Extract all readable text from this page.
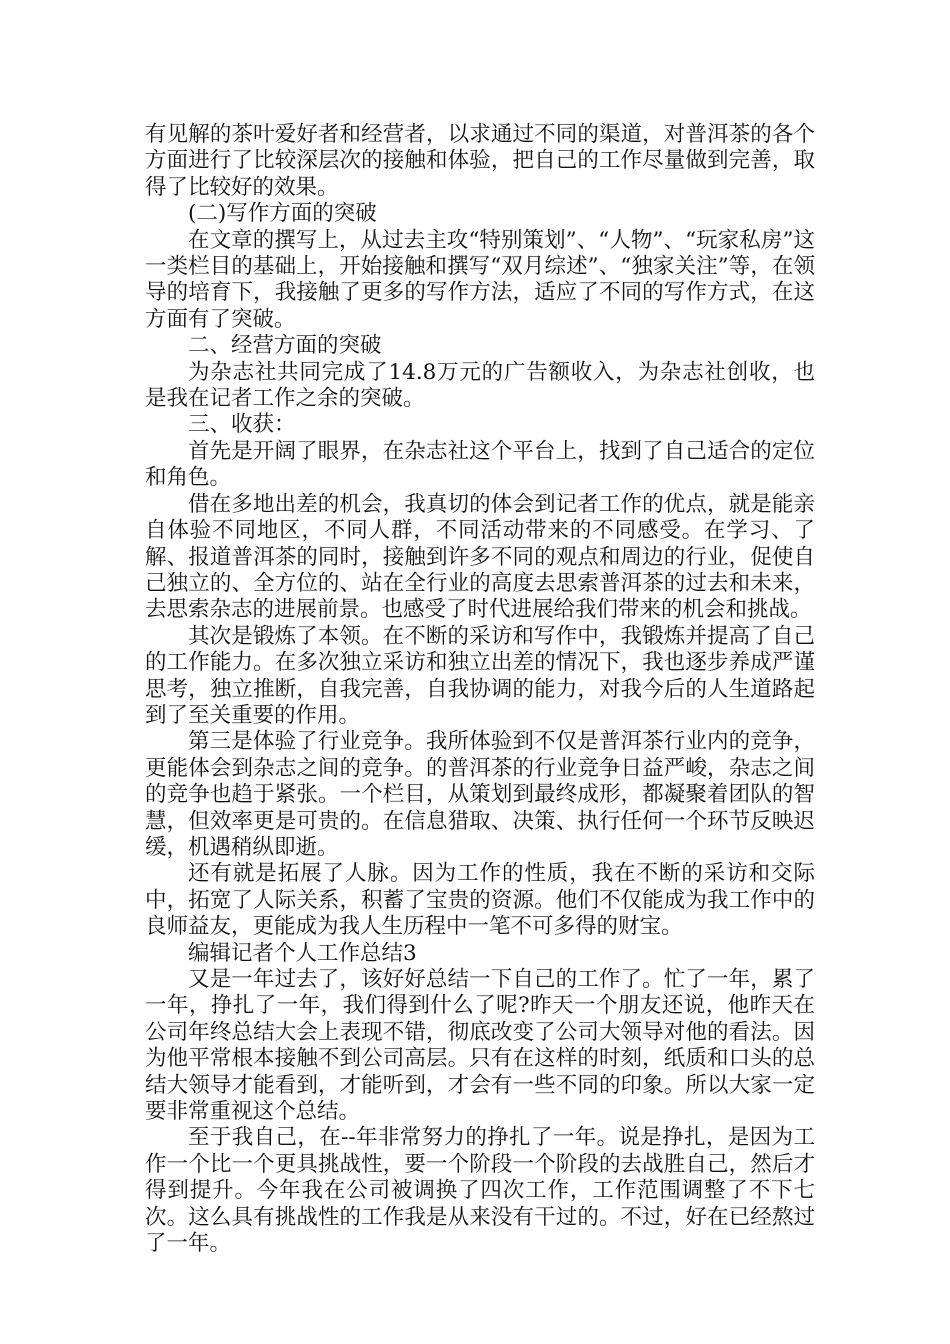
有见解的茶叶爱好者和经营者，以求通过不同的渠道，对普洱茶的各个方面进行了比较深层次的接触和体验，把自己的工作尽量做到完善，取得了比较好的效果。

(二)写作方面的突破

在文章的撰写上，从过去主攻“特别策划”、“人物”、“玩家私房”这一类栏目的基础上，开始接触和撰写“双月综述”、“独家关注”等，在领导的培育下，我接触了更多的写作方法，适应了不同的写作方式，在这方面有了突破。

二、经营方面的突破

为杂志社共同完成了14.8万元的广告额收入，为杂志社创收，也是我在记者工作之余的突破。

三、收获：

首先是开阔了眼界，在杂志社这个平台上，找到了自己适合的定位和角色。

借在多地出差的机会，我真切的体会到记者工作的优点，就是能亲自体验不同地区，不同人群，不同活动带来的不同感受。在学习、了解、报道普洱茶的同时，接触到许多不同的观点和周边的行业，促使自己独立的、全方位的、站在全行业的高度去思索普洱茶的过去和未来，去思索杂志的进展前景。也感受了时代进展给我们带来的机会和挑战。

其次是锻炼了本领。在不断的采访和写作中，我锻炼并提高了自己的工作能力。在多次独立采访和独立出差的情况下，我也逐步养成严谨思考，独立推断，自我完善，自我协调的能力，对我今后的人生道路起到了至关重要的作用。

第三是体验了行业竞争。我所体验到不仅是普洱茶行业内的竞争，更能体会到杂志之间的竞争。的普洱茶的行业竞争日益严峻，杂志之间的竞争也趋于紧张。一个栏目，从策划到最终成形，都凝聚着团队的智慧，但效率更是可贵的。在信息猎取、决策、执行任何一个环节反映迟缓，机遇稍纵即逝。

还有就是拓展了人脉。因为工作的性质，我在不断的采访和交际中，拓宽了人际关系，积蓄了宝贵的资源。他们不仅能成为我工作中的良师益友，更能成为我人生历程中一笔不可多得的财宝。

编辑记者个人工作总结3

又是一年过去了，该好好总结一下自己的工作了。忙了一年，累了一年，挣扎了一年，我们得到什么了呢?昨天一个朋友还说，他昨天在公司年终总结大会上表现不错，彻底改变了公司大领导对他的看法。因为他平常根本接触不到公司高层。只有在这样的时刻，纸质和口头的总结大领导才能看到，才能听到，才会有一些不同的印象。所以大家一定要非常重视这个总结。

至于我自己，在--年非常努力的挣扎了一年。说是挣扎，是因为工作一个比一个更具挑战性，要一个阶段一个阶段的去战胜自己，然后才得到提升。今年我在公司被调换了四次工作，工作范围调整了不下七次。这么具有挑战性的工作我是从来没有干过的。不过，好在已经熬过了一年。
